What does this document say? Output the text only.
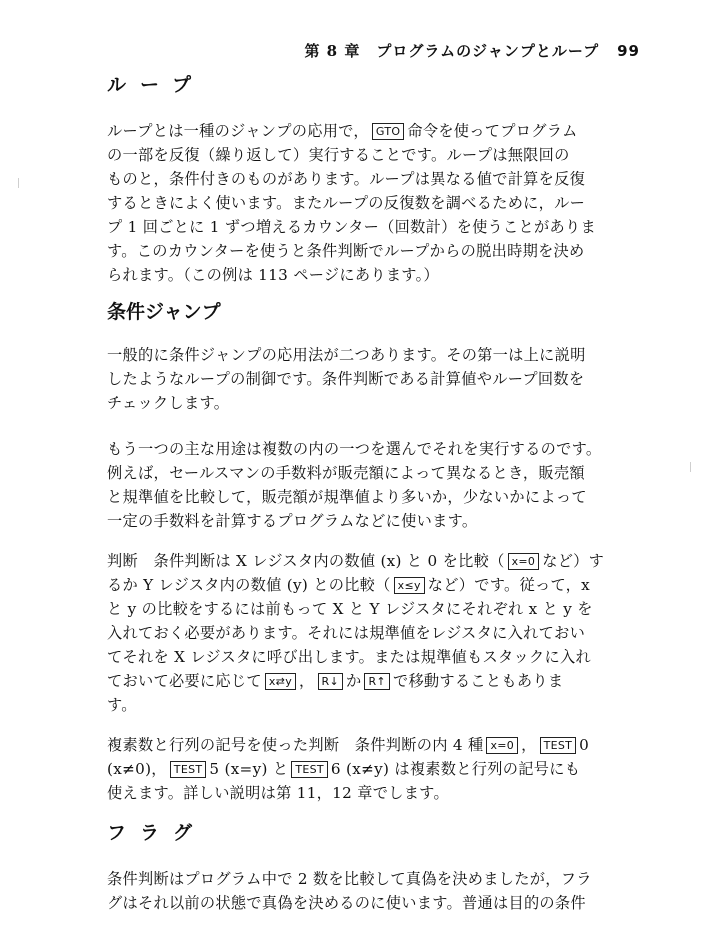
第 8 章　プログラムのジャンプとループ 99
ループ
ループとは一種のジャンプの応用で， GTO 命令を使ってプログラム
の一部を反復（繰り返して）実行することです。ループは無限回の
ものと，条件付きのものがあります。ループは異なる値で計算を反復
するときによく使います。またループの反復数を調べるために，ルー
プ 1 回ごとに 1 ずつ増えるカウンター（回数計）を使うことがありま
す。このカウンターを使うと条件判断でループからの脱出時期を決め
られます。（この例は 113 ページにあります。）
条件ジャンプ
一般的に条件ジャンプの応用法が二つあります。その第一は上に説明
したようなループの制御です。条件判断である計算値やループ回数を
チェックします。
もう一つの主な用途は複数の内の一つを選んでそれを実行するのです。
例えば，セールスマンの手数料が販売額によって異なるとき，販売額
と規準値を比較して，販売額が規準値より多いか，少ないかによって
一定の手数料を計算するプログラムなどに使います。
判断　条件判断は X レジスタ内の数値 (x) と 0 を比較（ x=0 など）す
るか Y レジスタ内の数値 (y) との比較（ x≤y など）です。従って，x
と y の比較をするには前もって X と Y レジスタにそれぞれ x と y を
入れておく必要があります。それには規準値をレジスタに入れておい
てそれを X レジスタに呼び出します。または規準値もスタックに入れ
ておいて必要に応じて x⇄y ， R↓ か R↑ で移動することもありま
す。
複素数と行列の記号を使った判断　条件判断の内 4 種 x=0 ， TEST 0
(x≠0)， TEST 5 (x=y) と TEST 6 (x≠y) は複素数と行列の記号にも
使えます。詳しい説明は第 11，12 章でします。
フラグ
条件判断はプログラム中で 2 数を比較して真偽を決めましたが，フラ
グはそれ以前の状態で真偽を決めるのに使います。普通は目的の条件
